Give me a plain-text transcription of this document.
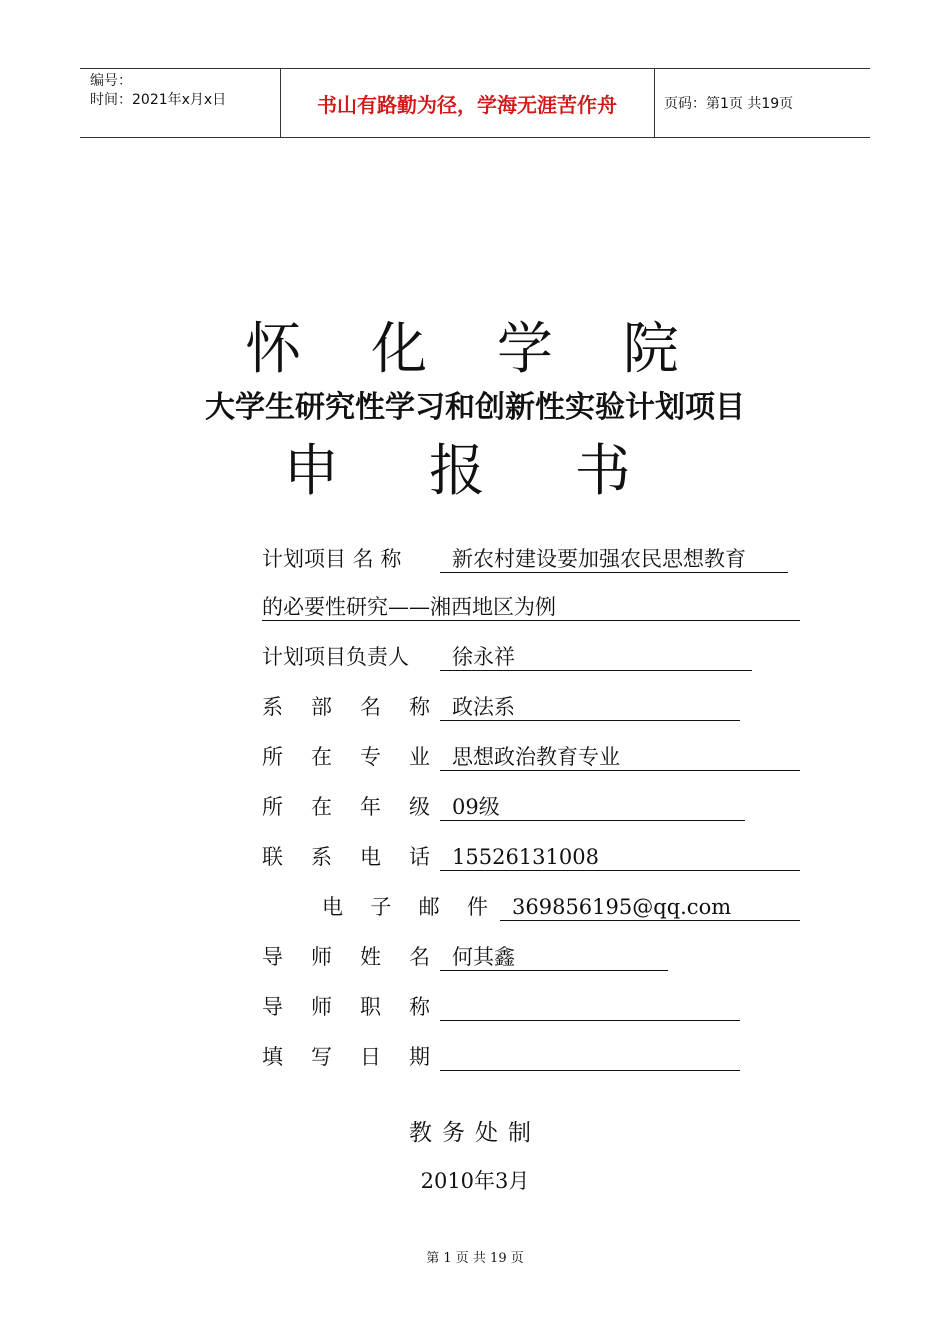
编号：
时间：2021年x月x日	书山有路勤为径，学海无涯苦作舟	页码：第1页 共19页
怀 化 学 院
大学生研究性学习和创新性实验计划项目
申 报 书
计划项目 名 称	新农村建设要加强农民思想教育
的必要性研究——湘西地区为例
计划项目负责人	徐永祥
系 部 名 称	政法系
所 在 专 业	思想政治教育专业
所 在 年 级	09级
联 系 电 话	15526131008
电 子 邮 件	369856195@qq.com
导 师 姓 名	何其鑫
导 师 职 称
填 写 日 期
教务处制
2010年3月
第 1 页 共 19 页
